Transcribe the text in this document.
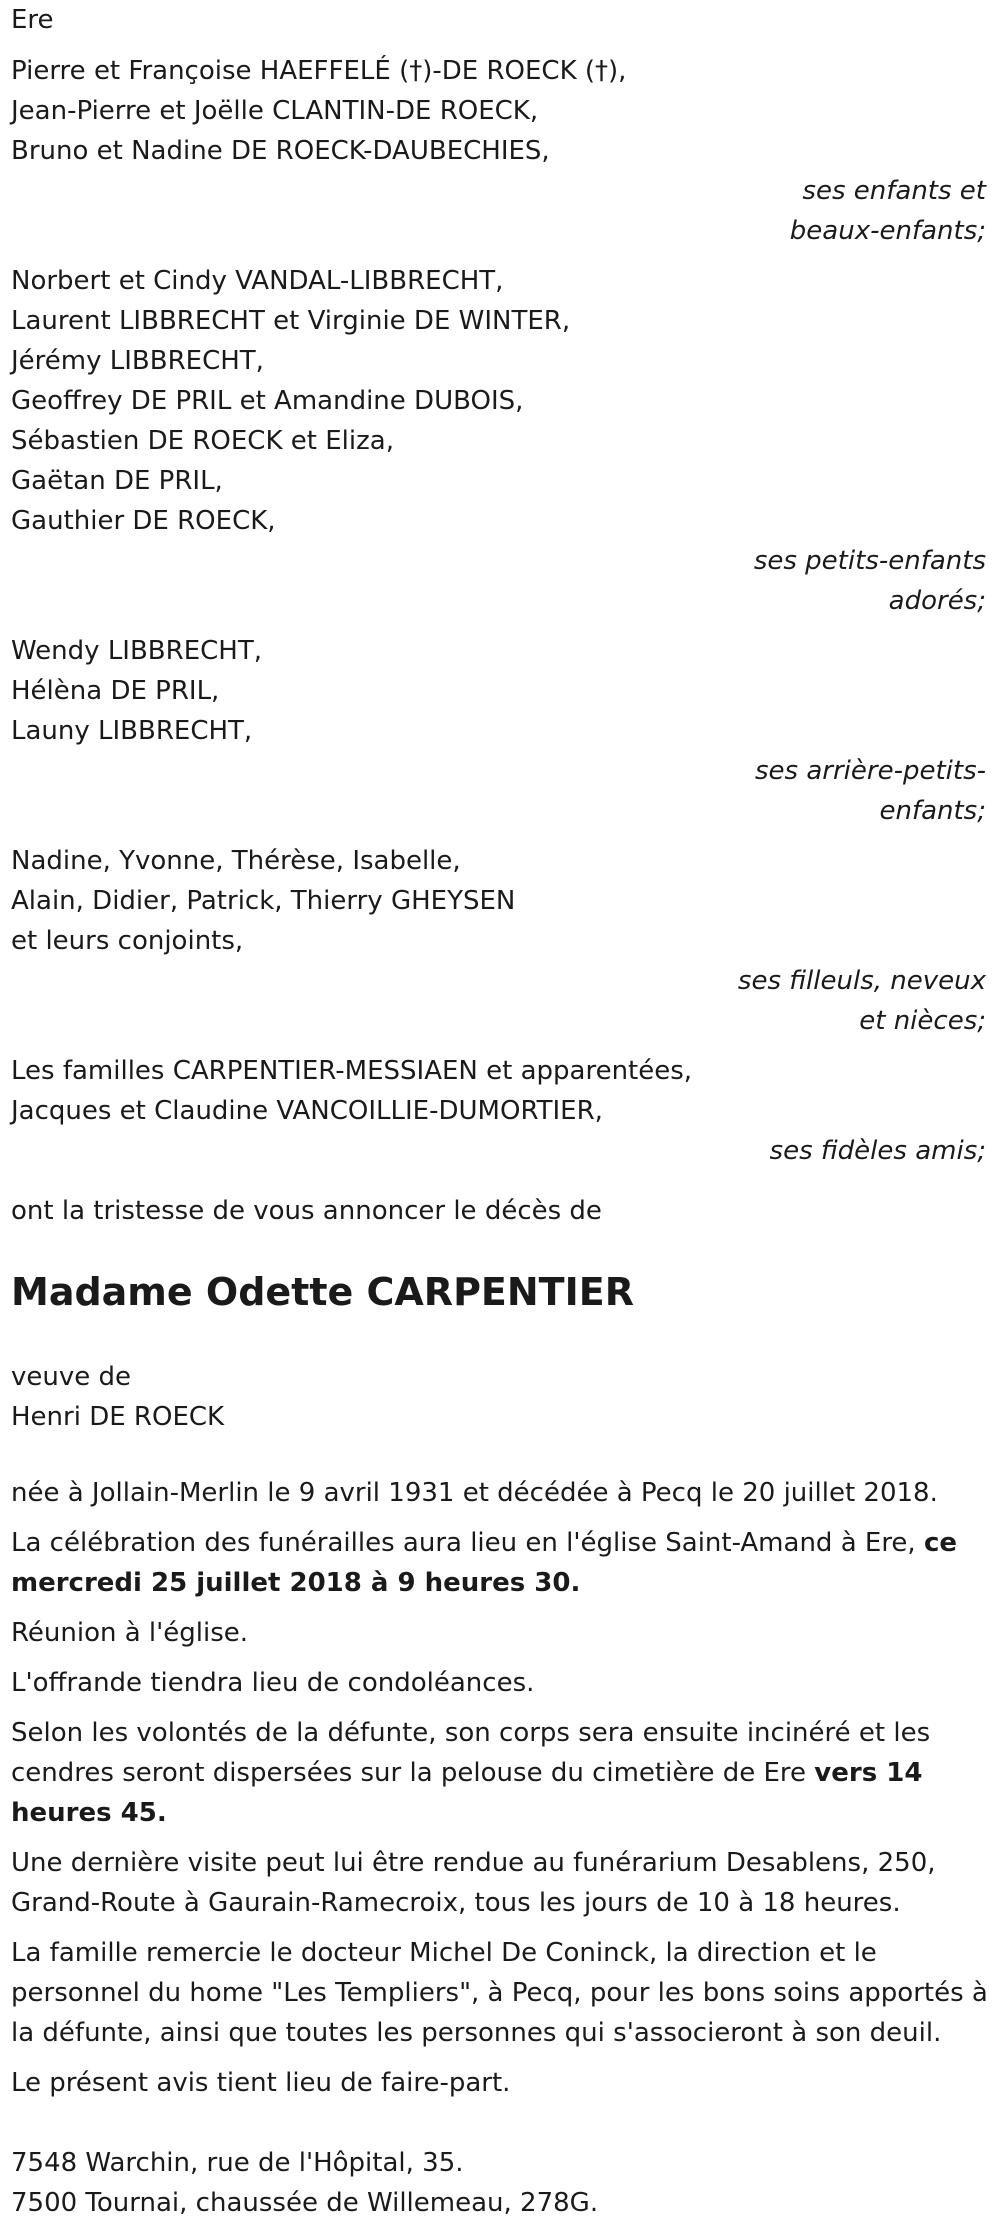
Ere
Pierre et Françoise HAEFFELÉ (†)-DE ROECK (†),
Jean-Pierre et Joëlle CLANTIN-DE ROECK,
Bruno et Nadine DE ROECK-DAUBECHIES,
ses enfants et
beaux-enfants;
Norbert et Cindy VANDAL-LIBBRECHT,
Laurent LIBBRECHT et Virginie DE WINTER,
Jérémy LIBBRECHT,
Geoffrey DE PRIL et Amandine DUBOIS,
Sébastien DE ROECK et Eliza,
Gaëtan DE PRIL,
Gauthier DE ROECK,
ses petits-enfants
adorés;
Wendy LIBBRECHT,
Hélèna DE PRIL,
Launy LIBBRECHT,
ses arrière-petits-
enfants;
Nadine, Yvonne, Thérèse, Isabelle,
Alain, Didier, Patrick, Thierry GHEYSEN
et leurs conjoints,
ses filleuls, neveux
et nièces;
Les familles CARPENTIER-MESSIAEN et apparentées,
Jacques et Claudine VANCOILLIE-DUMORTIER,
ses fidèles amis;
ont la tristesse de vous annoncer le décès de
Madame Odette CARPENTIER
veuve de
Henri DE ROECK

née à Jollain-Merlin le 9 avril 1931 et décédée à Pecq le 20 juillet 2018.

La célébration des funérailles aura lieu en l'église Saint-Amand à Ere, ce mercredi 25 juillet 2018 à 9 heures 30.

Réunion à l'église.

L'offrande tiendra lieu de condoléances.

Selon les volontés de la défunte, son corps sera ensuite incinéré et les cendres seront dispersées sur la pelouse du cimetière de Ere vers 14 heures 45.

Une dernière visite peut lui être rendue au funérarium Desablens, 250, Grand-Route à Gaurain-Ramecroix, tous les jours de 10 à 18 heures.

La famille remercie le docteur Michel De Coninck, la direction et le personnel du home "Les Templiers", à Pecq, pour les bons soins apportés à la défunte, ainsi que toutes les personnes qui s'associeront à son deuil.

Le présent avis tient lieu de faire-part.

7548 Warchin, rue de l'Hôpital, 35.
7500 Tournai, chaussée de Willemeau, 278G.
